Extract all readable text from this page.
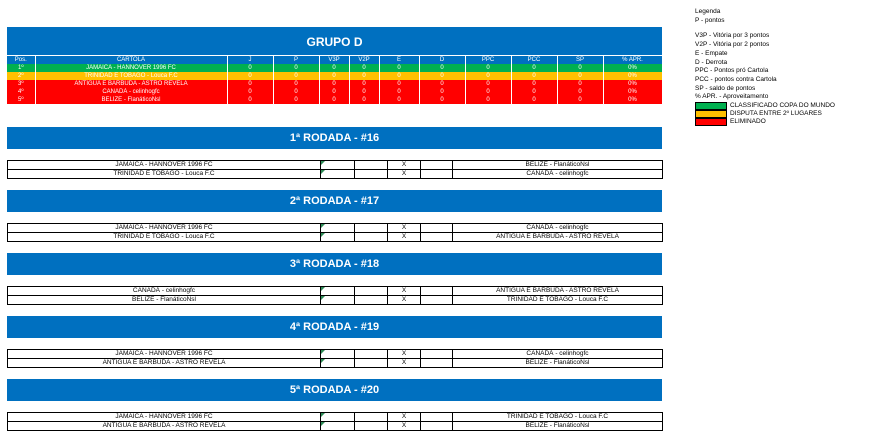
GRUPO D
Pos.	CARTOLA	J	P	V3P	V2P	E	D	PPC	PCC	SP	% APR.
1º	JAMAICA - HANNOVER 1996 FC	0	0	0	0	0	0	0	0	0	0%
2º	TRINIDAD E TOBAGO - Louca F.C	0	0	0	0	0	0	0	0	0	0%
3º	ANTIGUA E BARBUDA - ASTRO REVELA	0	0	0	0	0	0	0	0	0	0%
4º	CANADÁ - celinhogfc	0	0	0	0	0	0	0	0	0	0%
5º	BELIZE - FlanáticoNsl	0	0	0	0	0	0	0	0	0	0%
1ª RODADA - #16
JAMAICA - HANNOVER 1996 FC			X		BELIZE - FlanáticoNsl
TRINIDAD E TOBAGO - Louca F.C			X		CANADÁ - celinhogfc
2ª RODADA - #17
JAMAICA - HANNOVER 1996 FC			X		CANADÁ - celinhogfc
TRINIDAD E TOBAGO - Louca F.C			X		ANTIGUA E BARBUDA - ASTRO REVELA
3ª RODADA - #18
CANADÁ - celinhogfc			X		ANTIGUA E BARBUDA - ASTRO REVELA
BELIZE - FlanáticoNsl			X		TRINIDAD E TOBAGO - Louca F.C
4ª RODADA - #19
JAMAICA - HANNOVER 1996 FC			X		CANADÁ - celinhogfc
ANTIGUA E BARBUDA - ASTRO REVELA			X		BELIZE - FlanáticoNsl
5ª RODADA - #20
JAMAICA - HANNOVER 1996 FC			X		TRINIDAD E TOBAGO - Louca F.C
ANTIGUA E BARBUDA - ASTRO REVELA			X		BELIZE - FlanáticoNsl
Legenda
P - pontos
V3P - Vitória por 3 pontos
V2P - Vitória por 2 pontos
E - Empate
D - Derrota
PPC - Pontos pró Cartola
PCC - pontos contra Cartola
SP - saldo de pontos
% APR. - Aproveitamento
CLASSIFICADO COPA DO MUNDO
DISPUTA ENTRE 2º LUGARES
ELIMINADO
